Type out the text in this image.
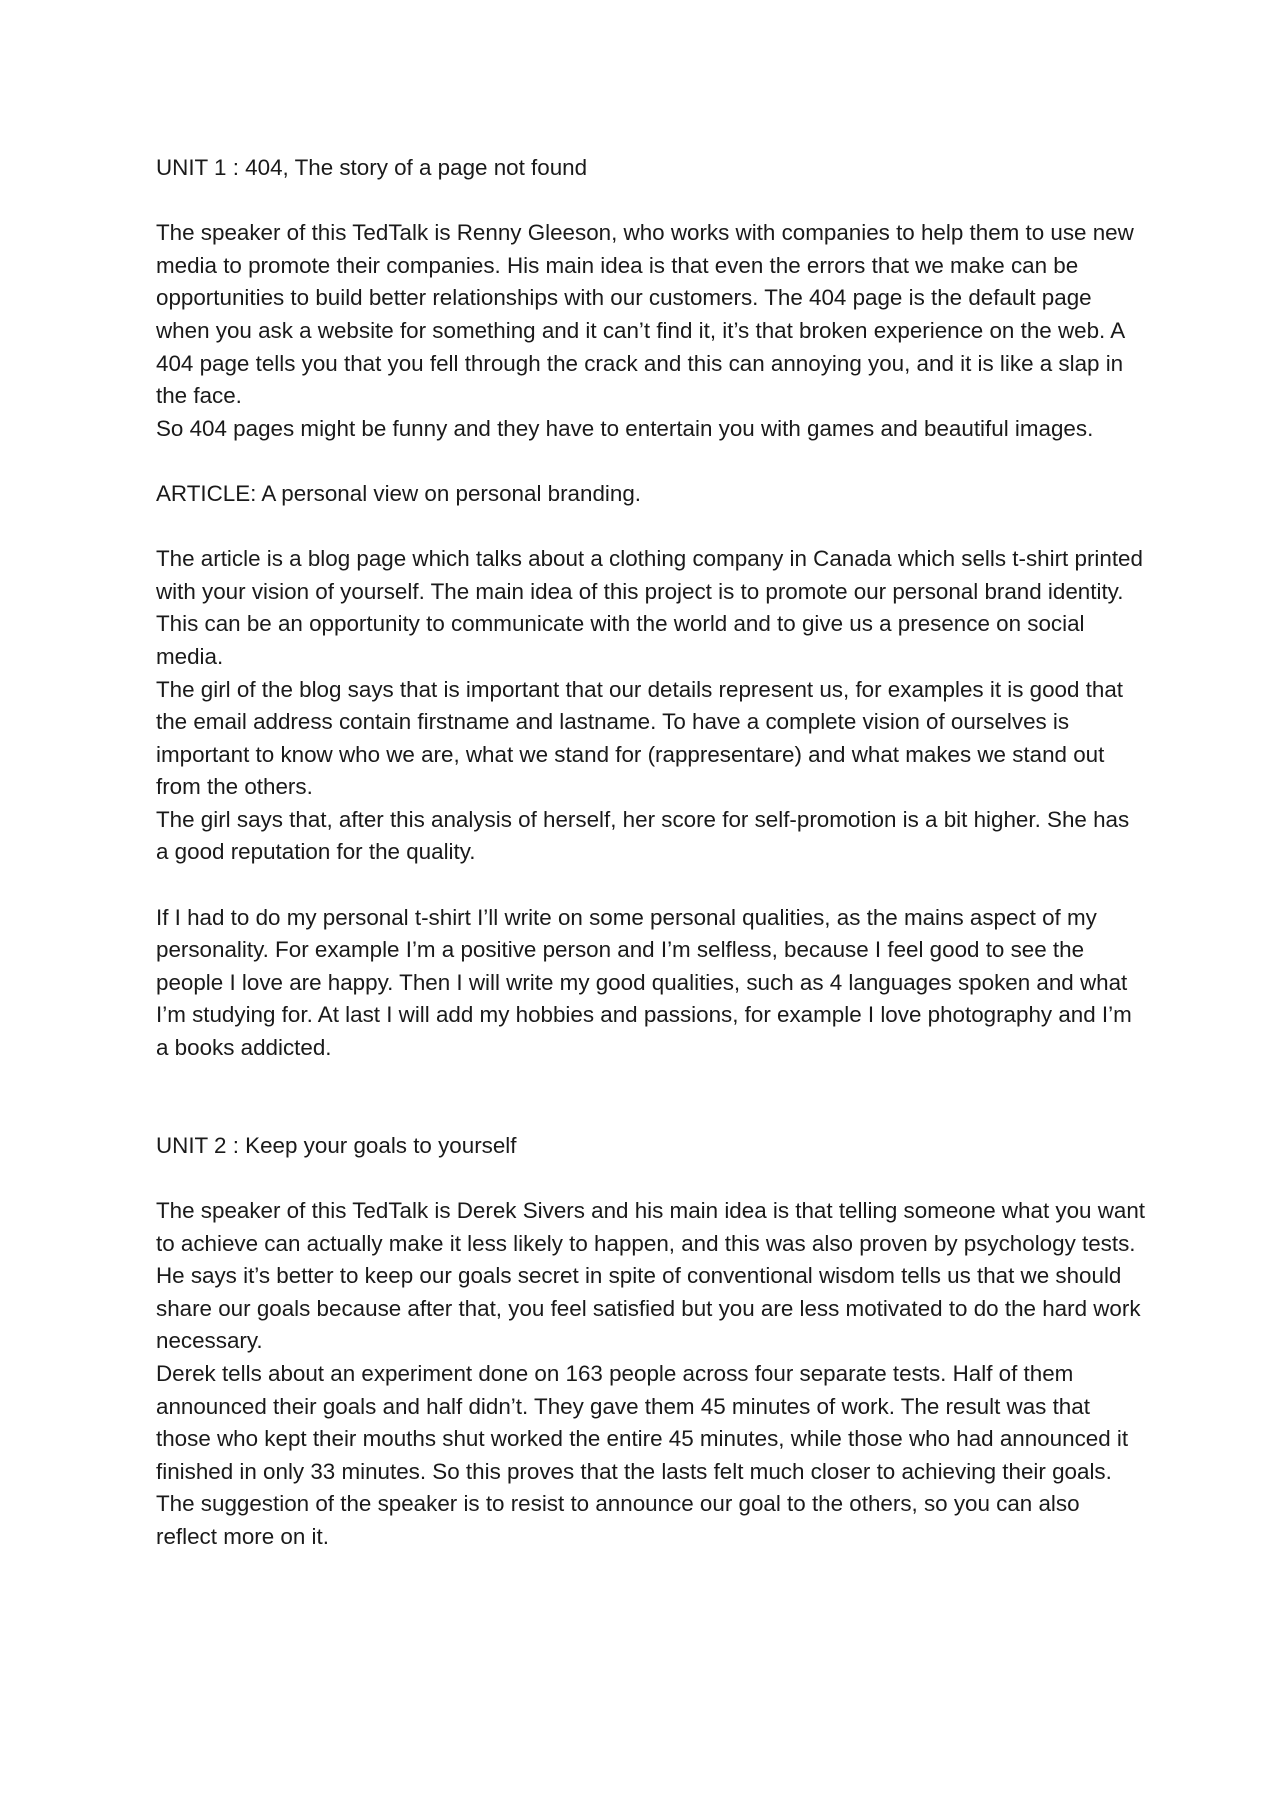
UNIT 1 : 404, The story of a page not found

The speaker of this TedTalk is Renny Gleeson, who works with companies to help them to use new media to promote their companies. His main idea is that even the errors that we make can be opportunities to build better relationships with our customers. The 404 page is the default page when you ask a website for something and it can’t find it, it’s that broken experience on the web. A 404 page tells you that you fell through the crack and this can annoying you, and it is like a slap in the face.

So 404 pages might be funny and they have to entertain you with games and beautiful images.

ARTICLE: A personal view on personal branding.

The article is a blog page which talks about a clothing company in Canada which sells t-shirt printed with your vision of yourself. The main idea of this project is to promote our personal brand identity. This can be an opportunity to communicate with the world and to give us a presence on social media.

The girl of the blog says that is important that our details represent us, for examples it is good that the email address contain firstname and lastname. To have a complete vision of ourselves is important to know who we are, what we stand for (rappresentare) and what makes we stand out from the others.

The girl says that, after this analysis of herself, her score for self-promotion is a bit higher. She has a good reputation for the quality.

If I had to do my personal t-shirt I’ll write on some personal qualities, as the mains aspect of my personality. For example I’m a positive person and I’m selfless, because I feel good to see the people I love are happy. Then I will write my good qualities, such as 4 languages spoken and what I’m studying for. At last I will add my hobbies and passions, for example I love photography and I’m a books addicted.

UNIT 2 : Keep your goals to yourself

The speaker of this TedTalk is Derek Sivers and his main idea is that telling someone what you want to achieve can actually make it less likely to happen, and this was also proven by psychology tests. He says it’s better to keep our goals secret in spite of conventional wisdom tells us that we should share our goals because after that, you feel satisfied but you are less motivated to do the hard work necessary.

Derek tells about an experiment done on 163 people across four separate tests. Half of them announced their goals and half didn’t. They gave them 45 minutes of work. The result was that those who kept their mouths shut worked the entire 45 minutes, while those who had announced it finished in only 33 minutes. So this proves that the lasts felt much closer to achieving their goals.

The suggestion of the speaker is to resist to announce our goal to the others, so you can also reflect more on it.
